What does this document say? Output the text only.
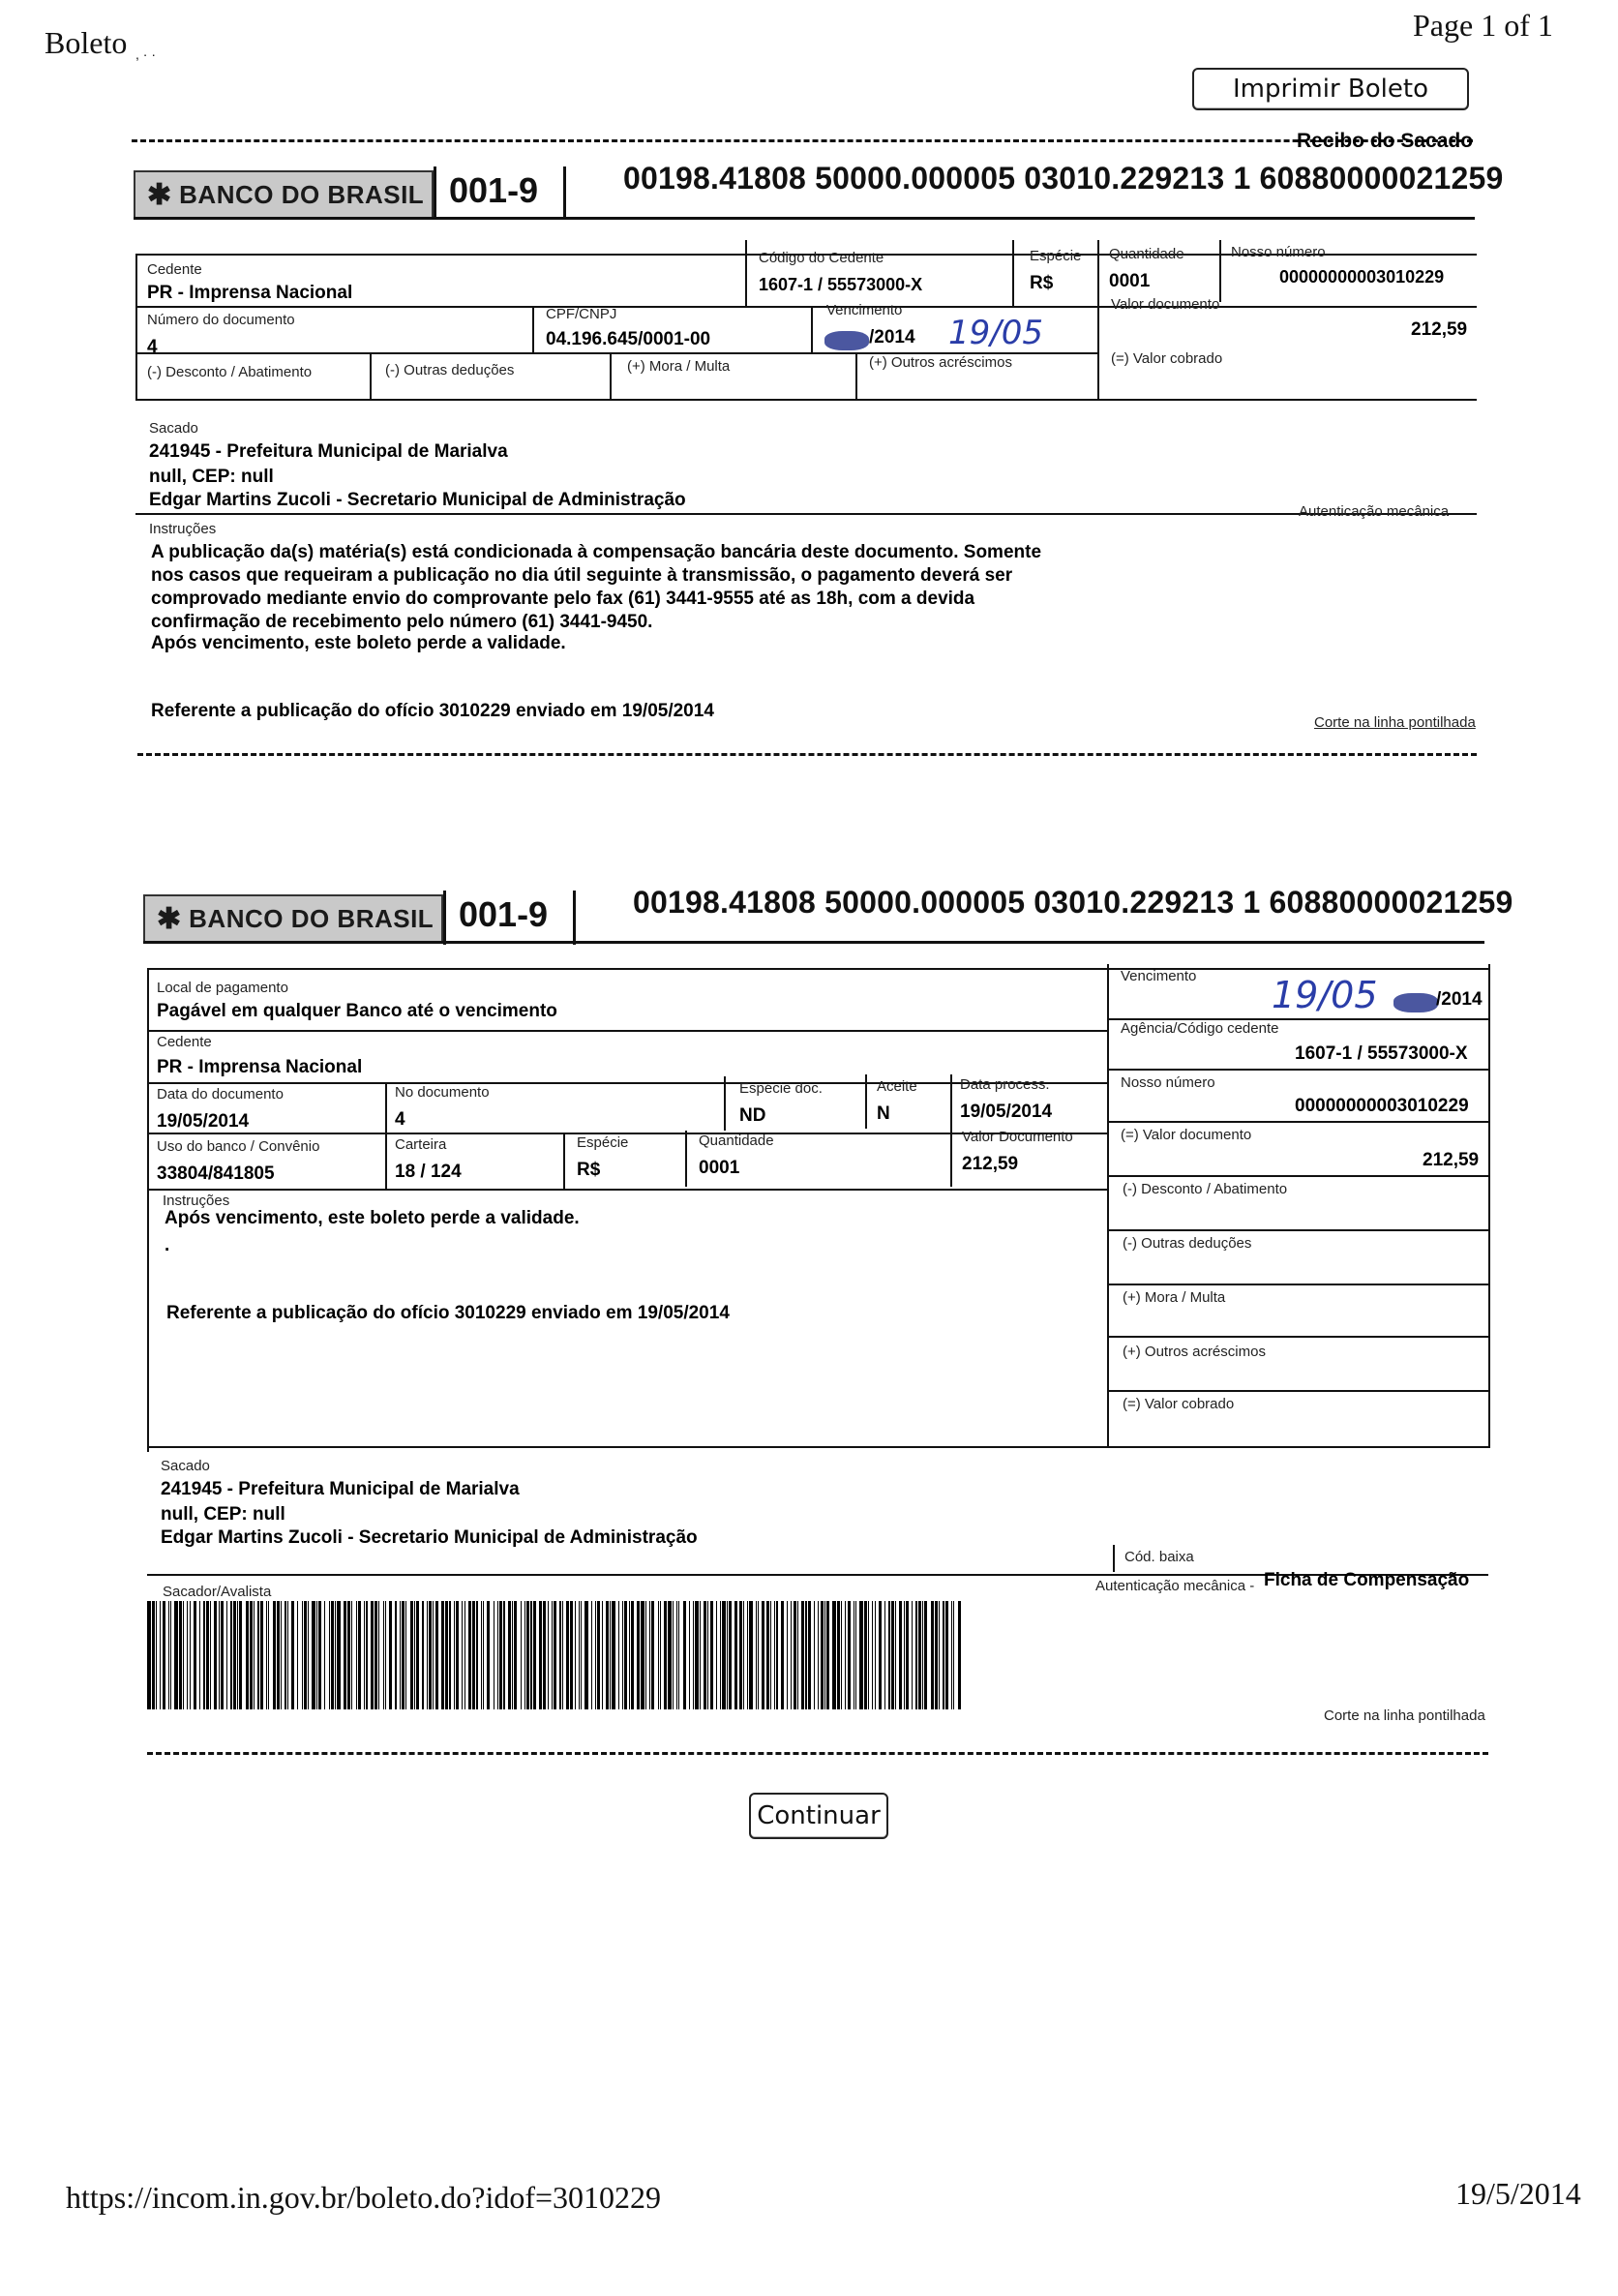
Boleto	Page 1 of 1
, · ·
Imprimir Boleto
Recibo do Sacado
✱ BANCO DO BRASIL 001-9	00198.41808 50000.000005 03010.229213 1 60880000021259
Cedente
PR - Imprensa Nacional
Código do Cedente
1607-1 / 55573000-X
Espécie
R$
Quantidade
0001
Nosso número
00000000003010229
Número do documento
4
CPF/CNPJ
04.196.645/0001-00
Vencimento
/2014 19/05
Valor documento
212,59
(-) Desconto / Abatimento	(-) Outras deduções	(+) Mora / Multa	(+) Outros acréscimos	(=) Valor cobrado
Sacado
241945 - Prefeitura Municipal de Marialva
null, CEP: null
Edgar Martins Zucoli - Secretario Municipal de Administração
Instruções
Autenticação mecânica
A publicação da(s) matéria(s) está condicionada à compensação bancária deste documento. Somente
nos casos que requeiram a publicação no dia útil seguinte à transmissão, o pagamento deverá ser
comprovado mediante envio do comprovante pelo fax (61) 3441-9555 até as 18h, com a devida
confirmação de recebimento pelo número (61) 3441-9450.
Após vencimento, este boleto perde a validade.
Referente a publicação do ofício 3010229 enviado em 19/05/2014
Corte na linha pontilhada
✱ BANCO DO BRASIL 001-9	00198.41808 50000.000005 03010.229213 1 60880000021259
Local de pagamento
Pagável em qualquer Banco até o vencimento
Vencimento 19/05	/2014
Cedente
PR - Imprensa Nacional
Agência/Código cedente
1607-1 / 55573000-X
Data do documento
19/05/2014
No documento
4
Espécie doc.
ND
Aceite
N
Data process.
19/05/2014
Nosso número
00000000003010229
Uso do banco / Convênio
33804/841805
Carteira
18 / 124
Espécie
R$
Quantidade
0001
Valor Documento
212,59
(=) Valor documento
212,59
Instruções
Após vencimento, este boleto perde a validade.
.
Referente a publicação do ofício 3010229 enviado em 19/05/2014
(-) Desconto / Abatimento
(-) Outras deduções
(+) Mora / Multa
(+) Outros acréscimos
(=) Valor cobrado
Sacado
241945 - Prefeitura Municipal de Marialva
null, CEP: null
Edgar Martins Zucoli - Secretario Municipal de Administração
Cód. baixa
Sacador/Avalista	Autenticação mecânica - Ficha de Compensação
Corte na linha pontilhada
Continuar
https://incom.in.gov.br/boleto.do?idof=3010229	19/5/2014
